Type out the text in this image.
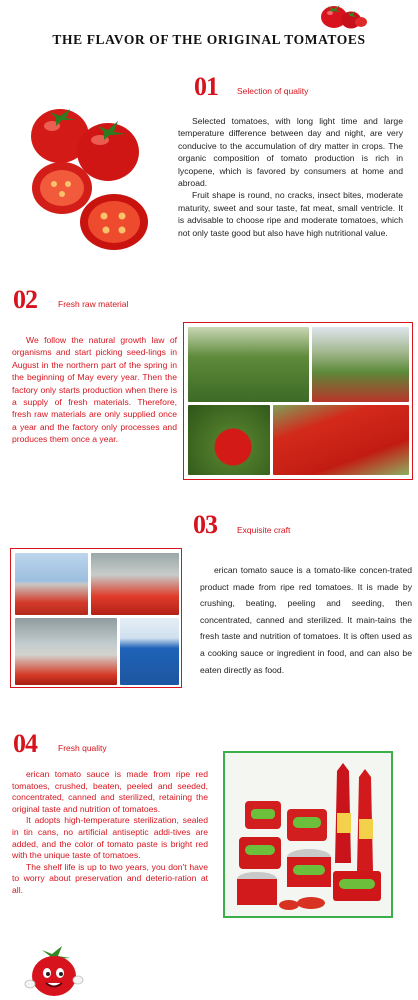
THE FLAVOR OF THE ORIGINAL TOMATOES
01 Selection of quality

Selected tomatoes, with long light time and large temperature difference between day and night, are very conducive to the accumulation of dry matter in crops. The organic composition of tomato production is rich in lycopene, which is favored by consumers at home and abroad.

Fruit shape is round, no cracks, insect bites, moderate maturity, sweet and sour taste, fat meat, small ventricle. It is advisable to choose ripe and moderate tomatoes, which not only taste good but also have high nutritional value.

02 Fresh raw material

We follow the natural growth law of organisms and start picking seed-lings in August in the northern part of the spring in the beginning of May every year. Then the factory only starts production when there is a supply of fresh materials. Therefore, fresh raw materials are only supplied once a year and the factory only processes and produces them once a year.

03 Exquisite craft

erican tomato sauce is a tomato-like concen-trated product made from ripe red tomatoes. It is made by crushing, beating, peeling and seeding, then concentrated, canned and sterilized. It main-tains the fresh taste and nutrition of tomatoes. It is often used as a cooking sauce or ingredient in food, and can also be eaten directly as food.

04 Fresh quality

erican tomato sauce is made from ripe red tomatoes, crushed, beaten, peeled and seeded, concentrated, canned and sterilized, retaining the original taste and nutrition of tomatoes.

It adopts high-temperature sterilization, sealed in tin cans, no artificial antiseptic addi-tives are added, and the color of tomato paste is bright red with the unique taste of tomatoes.

The shelf life is up to two years, you don't have to worry about preservation and deterio-ration at all.
